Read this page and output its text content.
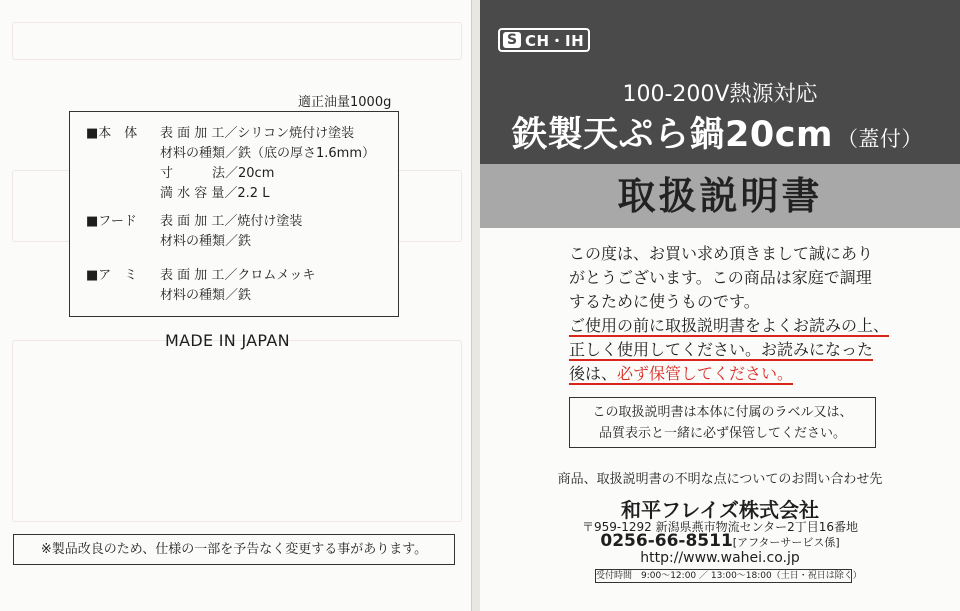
適正油量1000g
■本　体	表 面 加 工／シリコン焼付け塗装
材料の種類／鉄（底の厚さ1.6mm）
寸　　　法／20cm
満 水 容 量／2.2 L
■フード	表 面 加 工／焼付け塗装
材料の種類／鉄
■ア　ミ	表 面 加 工／クロムメッキ
材料の種類／鉄
MADE IN JAPAN
※製品改良のため、仕様の一部を予告なく変更する事があります。
S CH・IH
100-200V熱源対応
鉄製天ぷら鍋20cm （蓋付）
取扱説明書

この度は、お買い求め頂きまして誠にあり

がとうございます。この商品は家庭で調理

するために使うものです。

ご使用の前に取扱説明書をよくお読みの上、

正しく使用してください。お読みになった

後は、必ず保管してください。

この取扱説明書は本体に付属のラベル又は、
品質表示と一緒に必ず保管してください。
商品、取扱説明書の不明な点についてのお問い合わせ先
和平フレイズ株式会社
〒959-1292 新潟県燕市物流センター2丁目16番地
0256-66-8511[アフターサービス係]
http://www.wahei.co.jp
受付時間　9:00〜12:00 ／ 13:00〜18:00（土日・祝日は除く）
